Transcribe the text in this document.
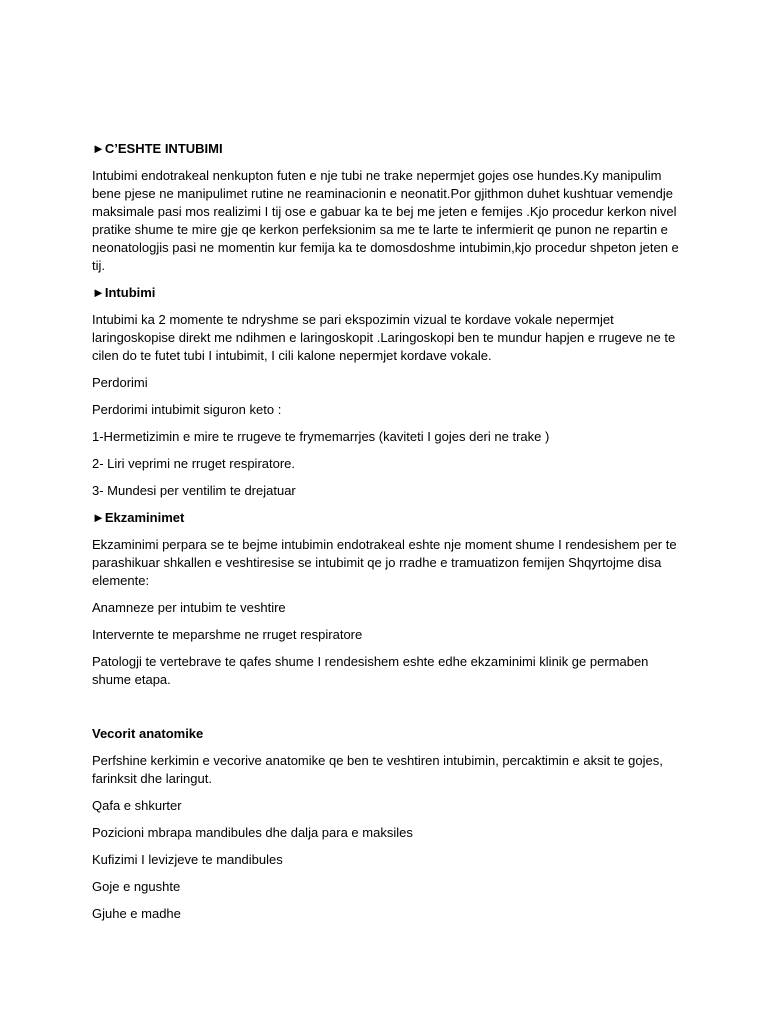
►C’ESHTE INTUBIMI
Intubimi endotrakeal nenkupton futen e nje tubi ne trake nepermjet gojes ose hundes.Ky manipulim bene pjese ne manipulimet rutine ne reaminacionin e neonatit.Por gjithmon duhet kushtuar vemendje maksimale pasi mos realizimi I tij ose e gabuar ka te bej me jeten e femijes .Kjo procedur kerkon nivel pratike shume te mire gje qe kerkon perfeksionim sa me te larte te infermierit qe punon ne repartin e neonatologjis pasi ne momentin kur femija ka te domosdoshme intubimin,kjo procedur shpeton jeten e tij.
►Intubimi
Intubimi ka 2 momente te ndryshme se pari ekspozimin vizual te kordave vokale nepermjet laringoskopise direkt me ndihmen e laringoskopit .Laringoskopi ben te mundur hapjen e rrugeve ne te cilen do te futet tubi I intubimit, I cili kalone nepermjet kordave vokale.
Perdorimi
Perdorimi intubimit siguron keto :
1-Hermetizimin e mire te rrugeve te frymemarrjes (kaviteti I gojes deri ne trake )
2- Liri veprimi ne rruget respiratore.
3- Mundesi per ventilim te drejatuar
►Ekzaminimet
Ekzaminimi perpara se te bejme intubimin endotrakeal eshte nje moment shume I rendesishem per te parashikuar shkallen e veshtiresise se intubimit qe jo rradhe e tramuatizon femijen Shqyrtojme disa elemente:
Anamneze per intubim te veshtire
Intervernte te meparshme ne rruget respiratore
Patologji te vertebrave te qafes shume I rendesishem eshte edhe ekzaminimi klinik ge permaben shume etapa.
Vecorit anatomike
Perfshine kerkimin e vecorive anatomike qe ben te veshtiren intubimin, percaktimin e aksit te gojes, farinksit dhe laringut.
Qafa e shkurter
Pozicioni mbrapa mandibules dhe dalja para e maksiles
Kufizimi I levizjeve te mandibules
Goje e ngushte
Gjuhe e madhe
